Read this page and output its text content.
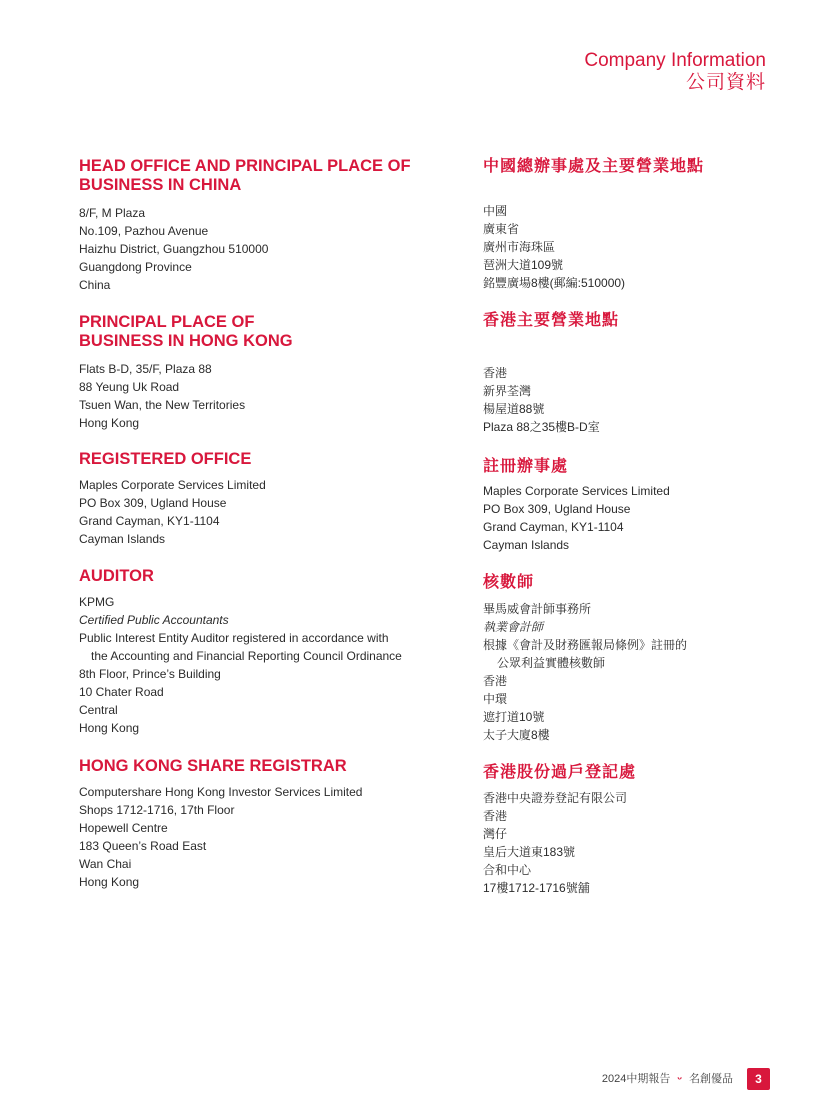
Company Information
公司資料
HEAD OFFICE AND PRINCIPAL PLACE OF
BUSINESS IN CHINA
8/F, M Plaza
No.109, Pazhou Avenue
Haizhu District, Guangzhou 510000
Guangdong Province
China
PRINCIPAL PLACE OF
BUSINESS IN HONG KONG
Flats B-D, 35/F, Plaza 88
88 Yeung Uk Road
Tsuen Wan, the New Territories
Hong Kong
REGISTERED OFFICE
Maples Corporate Services Limited
PO Box 309, Ugland House
Grand Cayman, KY1-1104
Cayman Islands
AUDITOR
KPMG
Certified Public Accountants
Public Interest Entity Auditor registered in accordance with
the Accounting and Financial Reporting Council Ordinance
8th Floor, Prince’s Building
10 Chater Road
Central
Hong Kong
HONG KONG SHARE REGISTRAR
Computershare Hong Kong Investor Services Limited
Shops 1712-1716, 17th Floor
Hopewell Centre
183 Queen’s Road East
Wan Chai
Hong Kong
中國總辦事處及主要營業地點
中國
廣東省
廣州市海珠區
琶洲大道109號
銘豐廣場8樓(郵編:510000)
香港主要營業地點
香港
新界荃灣
楊屋道88號
Plaza 88之35樓B-D室
註冊辦事處
Maples Corporate Services Limited
PO Box 309, Ugland House
Grand Cayman, KY1-1104
Cayman Islands
核數師
畢馬威會計師事務所
執業會計師
根據《會計及財務匯報局條例》註冊的
公眾利益實體核數師
香港
中環
遮打道10號
太子大廈8樓
香港股份過戶登記處
香港中央證券登記有限公司
香港
灣仔
皇后大道東183號
合和中心
17樓1712-1716號舖
2024中期報告 ᵕ 名創優品	3
